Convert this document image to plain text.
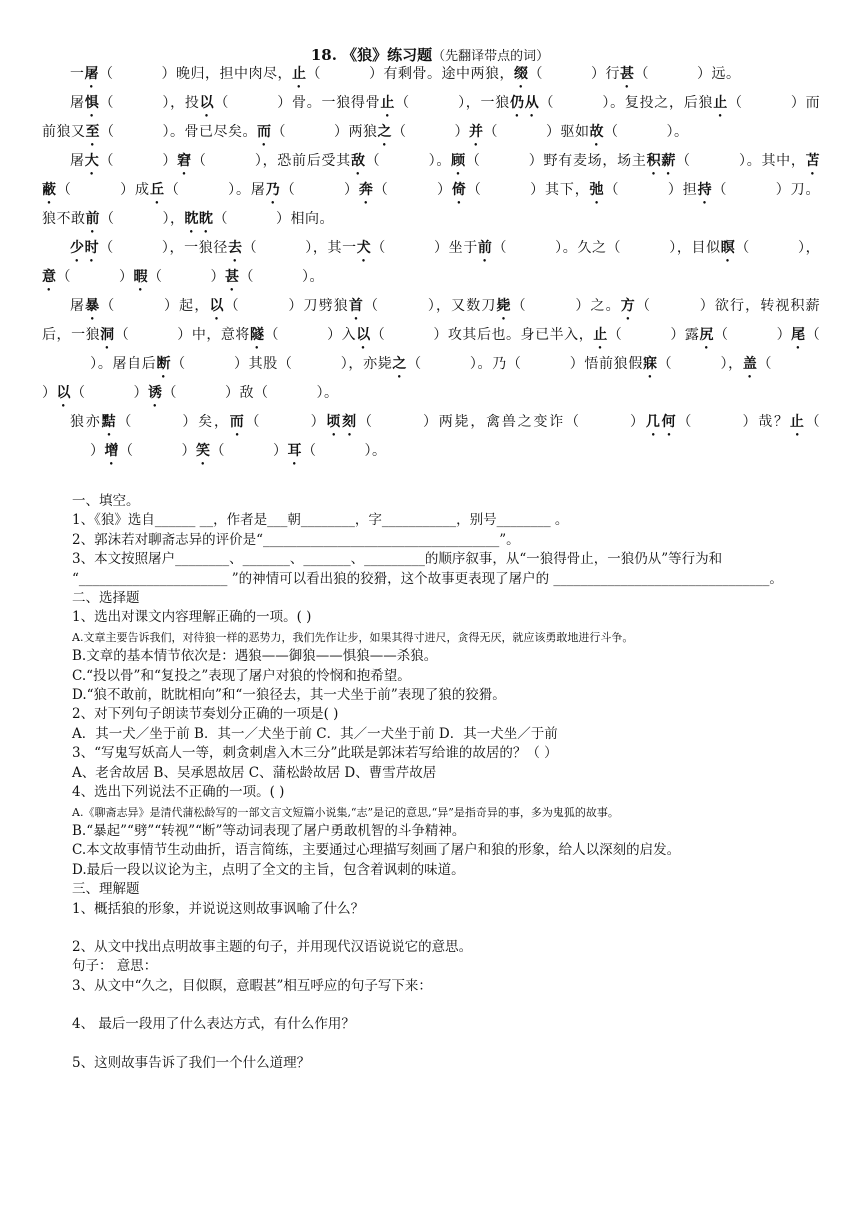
18. 《狼》练习题（先翻译带点的词）

一屠（	）晚归，担中肉尽，止（	）有剩骨。途中两狼，缀（	）行甚（	）远。

屠惧（	），投以（	）骨。一狼得骨止（	），一狼仍从（	）。复投之，后狼止（	）而前狼又至（	）。骨已尽矣。而（	）两狼之（	）并（	）驱如故（	）。

屠大（	）窘（	），恐前后受其敌（	）。顾（	）野有麦场，场主积薪（	）。其中，苫蔽（	）成丘（	）。屠乃（	）奔（	）倚（	）其下，弛（	）担持（	）刀。狼不敢前（	），眈眈（	）相向。

少时（	），一狼径去（	），其一犬（	）坐于前（	）。久之（	），目似瞑（	），意（	）暇（	）甚（	）。

屠暴（	）起，以（	）刀劈狼首（	），又数刀毙（	）之。方（	）欲行，转视积薪后，一狼洞（	）中，意将隧（	）入以（	）攻其后也。身已半入，止（	）露尻（	）尾（）。屠自后断（	）其股（	），亦毙之（	）。乃（	）悟前狼假寐（	），盖（）以（	）诱（	）敌（	）。

狼亦黠（	）矣，而（	）顷刻（	）两毙，禽兽之变诈（	）几何（	）哉？止（）增（	）笑（	）耳（	）。

一、填空。
1、《狼》选自______ __，作者是___朝________，字___________，别号________ 。
2、郭沫若对聊斋志异的评价是“___________________________________”。
3、本文按照屠户________、_______、_______、_________的顺序叙事，从“一狼得骨止，一狼仍从”等行为和
“______________________ ”的神情可以看出狼的狡猾，这个故事更表现了屠户的 ________________________________。
二、选择题
1、选出对课文内容理解正确的一项。( )
A.文章主要告诉我们，对待狼一样的恶势力，我们先作让步，如果其得寸进尺，贪得无厌，就应该勇敢地进行斗争。
B.文章的基本情节依次是：遇狼——御狼——惧狼——杀狼。
C.“投以骨”和“复投之”表现了屠户对狼的怜悯和抱希望。
D.“狼不敢前，眈眈相向”和“一狼径去，其一犬坐于前”表现了狼的狡猾。
2、对下列句子朗读节奏划分正确的一项是( )
A．其一犬／坐于前 B．其一／犬坐于前 C．其／一犬坐于前 D．其一犬坐／于前
3、“写鬼写妖高人一等，刺贪刺虐入木三分”此联是郭沫若写给谁的故居的？（ ）
A、老舍故居 B、吴承恩故居 C、蒲松龄故居 D、曹雪芹故居
4、选出下列说法不正确的一项。( )
A.《聊斋志异》是清代蒲松龄写的一部文言文短篇小说集,“志”是记的意思,“异”是指奇异的事，多为鬼狐的故事。
B.“暴起”“劈”“转视”“断”等动词表现了屠户勇敢机智的斗争精神。
C.本文故事情节生动曲折，语言简练，主要通过心理描写刻画了屠户和狼的形象，给人以深刻的启发。
D.最后一段以议论为主，点明了全文的主旨，包含着讽刺的味道。
三、理解题
1、概括狼的形象，并说说这则故事讽喻了什么？
2、从文中找出点明故事主题的句子，并用现代汉语说说它的意思。
句子： 意思：
3、从文中“久之，目似瞑，意暇甚”相互呼应的句子写下来：
4、 最后一段用了什么表达方式，有什么作用？
5、这则故事告诉了我们一个什么道理？
